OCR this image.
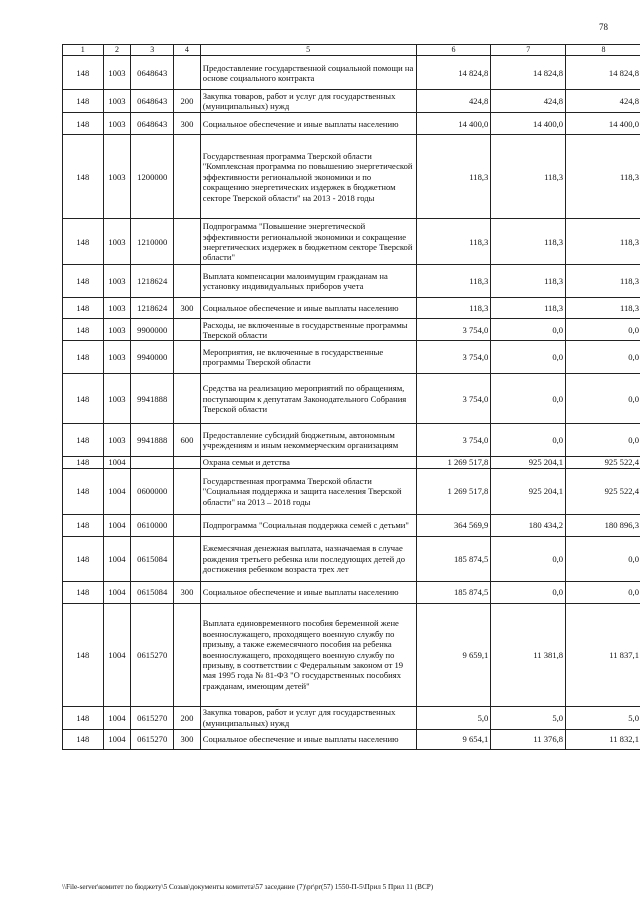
78
1	2	3	4	5	6	7	8
148	1003	0648643		Предоставление государственной социальной помощи на основе социального контракта	14 824,8	14 824,8	14 824,8
148	1003	0648643	200	Закупка товаров, работ и услуг для государственных (муниципальных) нужд	424,8	424,8	424,8
148	1003	0648643	300	Социальное обеспечение и иные выплаты населению	14 400,0	14 400,0	14 400,0
148	1003	1200000		Государственная программа Тверской области "Комплексная программа по повышению энергетической эффективности региональной экономики и по сокращению энергетических издержек в бюджетном секторе Тверской области" на 2013 - 2018 годы	118,3	118,3	118,3
148	1003	1210000		Подпрограмма "Повышение энергетической эффективности региональной экономики и сокращение энергетических издержек в бюджетном секторе Тверской области"	118,3	118,3	118,3
148	1003	1218624		Выплата компенсации малоимущим гражданам на установку индивидуальных приборов учета	118,3	118,3	118,3
148	1003	1218624	300	Социальное обеспечение и иные выплаты населению	118,3	118,3	118,3
148	1003	9900000		Расходы, не включенные в государственные программы Тверской области	3 754,0	0,0	0,0
148	1003	9940000		Мероприятия, не включенные в государственные программы Тверской области	3 754,0	0,0	0,0
148	1003	9941888		Средства на реализацию мероприятий по обращениям, поступающим к депутатам Законодательного Собрания Тверской области	3 754,0	0,0	0,0
148	1003	9941888	600	Предоставление субсидий бюджетным, автономным учреждениям и иным некоммерческим организациям	3 754,0	0,0	0,0
148	1004			Охрана семьи и детства	1 269 517,8	925 204,1	925 522,4
148	1004	0600000		Государственная программа Тверской области "Социальная поддержка и защита населения Тверской области" на 2013 – 2018 годы	1 269 517,8	925 204,1	925 522,4
148	1004	0610000		Подпрограмма "Социальная поддержка семей с детьми"	364 569,9	180 434,2	180 896,3
148	1004	0615084		Ежемесячная денежная выплата, назначаемая в случае рождения третьего ребенка или последующих детей до достижения ребенком возраста трех лет	185 874,5	0,0	0,0
148	1004	0615084	300	Социальное обеспечение и иные выплаты населению	185 874,5	0,0	0,0
148	1004	0615270		Выплата единовременного пособия беременной жене военнослужащего, проходящего военную службу по призыву, а также ежемесячного пособия на ребенка военнослужащего, проходящего военную службу по призыву, в соответствии с Федеральным законом от 19 мая 1995 года № 81-ФЗ "О государственных пособиях гражданам, имеющим детей"	9 659,1	11 381,8	11 837,1
148	1004	0615270	200	Закупка товаров, работ и услуг для государственных (муниципальных) нужд	5,0	5,0	5,0
148	1004	0615270	300	Социальное обеспечение и иные выплаты населению	9 654,1	11 376,8	11 832,1
\\File-server\комитет по бюджету\5 Созыв\документы комитета\57 заседание (7)\pr\pr(57) 1550-П-5\Прил 5 Прил 11 (ВСР)
